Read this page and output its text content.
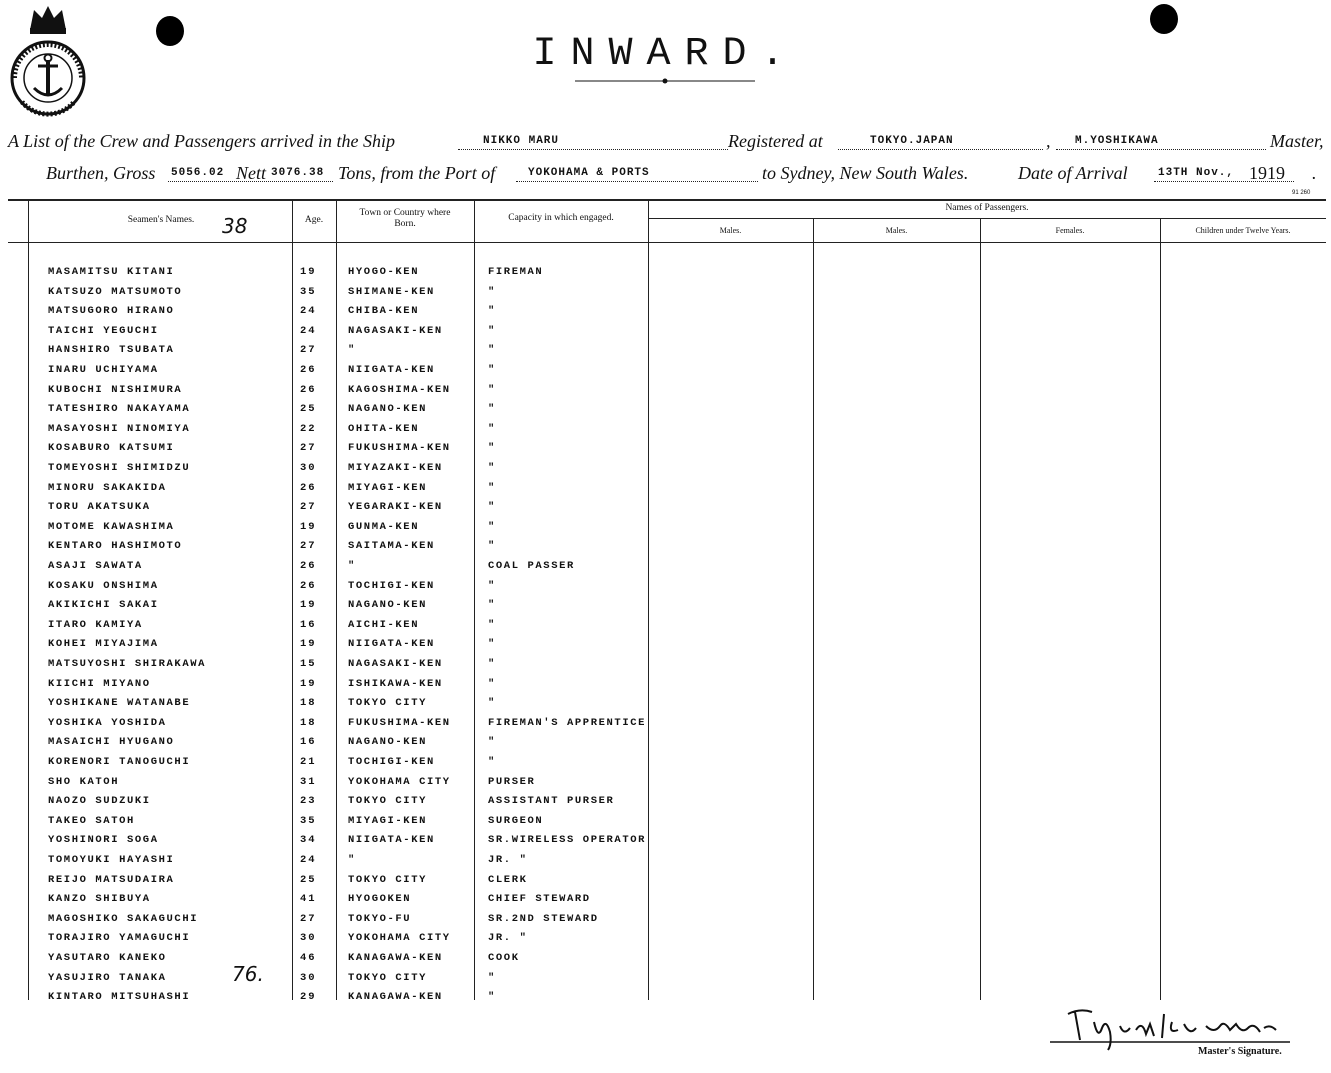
INWARD.
A List of the Crew and Passengers arrived in the Ship	NIKKO MARU	Registered at	TOKYO.JAPAN	, M.YOSHIKAWA	Master,
Burthen, Gross 5056.02 Nett 3076.38 Tons, from the Port of	YOKOHAMA & PORTS	to Sydney, New South Wales.	Date of Arrival	13TH Nov., 1919 .
91 260
Seamen's Names.	38	Age.
Town or Country where Born.
Capacity in which engaged.
Names of Passengers.
Males.	Males.	Females.	Children under Twelve Years.
MASAMITSU KITANI	19	HYOGO-KEN	FIREMAN
KATSUZO MATSUMOTO	35	SHIMANE-KEN	"
MATSUGORO HIRANO	24	CHIBA-KEN	"
TAICHI YEGUCHI	24	NAGASAKI-KEN	"
HANSHIRO TSUBATA	27	"	"
INARU UCHIYAMA	26	NIIGATA-KEN	"
KUBOCHI NISHIMURA	26	KAGOSHIMA-KEN	"
TATESHIRO NAKAYAMA	25	NAGANO-KEN	"
MASAYOSHI NINOMIYA	22	OHITA-KEN	"
KOSABURO KATSUMI	27	FUKUSHIMA-KEN	"
TOMEYOSHI SHIMIDZU	30	MIYAZAKI-KEN	"
MINORU SAKAKIDA	26	MIYAGI-KEN	"
TORU AKATSUKA	27	YEGARAKI-KEN	"
MOTOME KAWASHIMA	19	GUNMA-KEN	"
KENTARO HASHIMOTO	27	SAITAMA-KEN	"
ASAJI SAWATA	26	"	COAL PASSER
KOSAKU ONSHIMA	26	TOCHIGI-KEN	"
AKIKICHI SAKAI	19	NAGANO-KEN	"
ITARO KAMIYA	16	AICHI-KEN	"
KOHEI MIYAJIMA	19	NIIGATA-KEN	"
MATSUYOSHI SHIRAKAWA	15	NAGASAKI-KEN	"
KIICHI MIYANO	19	ISHIKAWA-KEN	"
YOSHIKANE WATANABE	18	TOKYO CITY	"
YOSHIKA YOSHIDA	18	FUKUSHIMA-KEN	FIREMAN'S APPRENTICE
MASAICHI HYUGANO	16	NAGANO-KEN	"
KORENORI TANOGUCHI	21	TOCHIGI-KEN	"
SHO KATOH	31	YOKOHAMA CITY	PURSER
NAOZO SUDZUKI	23	TOKYO CITY	ASSISTANT PURSER
TAKEO SATOH	35	MIYAGI-KEN	SURGEON
YOSHINORI SOGA	34	NIIGATA-KEN	SR.WIRELESS OPERATOR
TOMOYUKI HAYASHI	24	"	JR. "
REIJO MATSUDAIRA	25	TOKYO CITY	CLERK
KANZO SHIBUYA	41	HYOGOKEN	CHIEF STEWARD
MAGOSHIKO SAKAGUCHI	27	TOKYO-FU	SR.2ND STEWARD
TORAJIRO YAMAGUCHI	30	YOKOHAMA CITY	JR. "
YASUTARO KANEKO	46	KANAGAWA-KEN	COOK
YASUJIRO TANAKA	30	TOKYO CITY	"
KINTARO MITSUHASHI	29	KANAGAWA-KEN	"
76.
Master's Signature.
